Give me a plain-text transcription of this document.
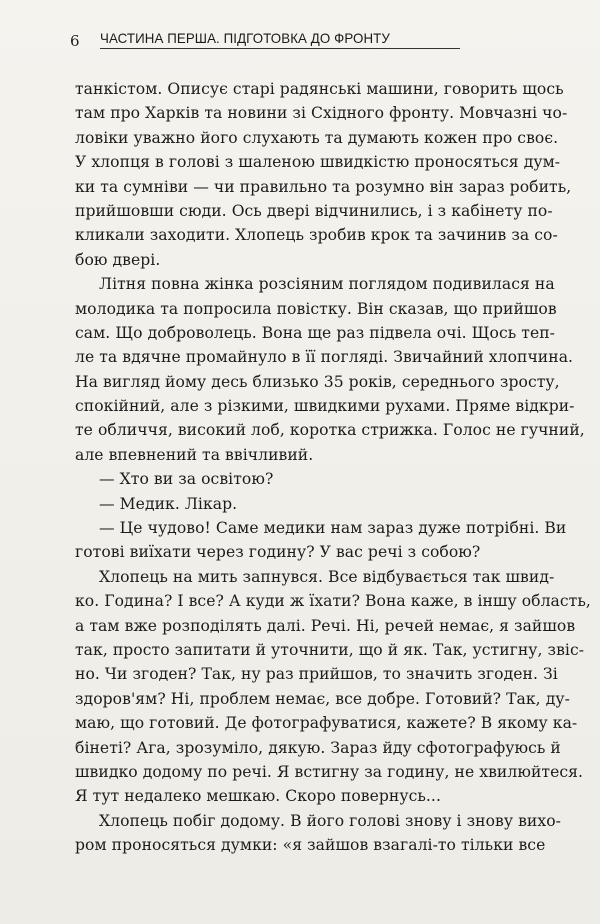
6 ЧАСТИНА ПЕРША. ПІДГОТОВКА ДО ФРОНТУ
танкістом. Описує старі радянські машини, говорить щось
там про Харків та новини зі Східного фронту. Мовчазні чо-
ловіки уважно його слухають та думають кожен про своє.
У хлопця в голові з шаленою швидкістю проносяться дум-
ки та сумніви — чи правильно та розумно він зараз робить,
прийшовши сюди. Ось двері відчинились, і з кабінету по-
кликали заходити. Хлопець зробив крок та зачинив за со-
бою двері.
Літня повна жінка розсіяним поглядом подивилася на
молодика та попросила повістку. Він сказав, що прийшов
сам. Що доброволець. Вона ще раз підвела очі. Щось теп-
ле та вдячне промайнуло в її погляді. Звичайний хлопчина.
На вигляд йому десь близько 35 років, середнього зросту,
спокійний, але з різкими, швидкими рухами. Пряме відкри-
те обличчя, високий лоб, коротка стрижка. Голос не гучний,
але впевнений та ввічливий.
— Хто ви за освітою?
— Медик. Лікар.
— Це чудово! Саме медики нам зараз дуже потрібні. Ви
готові виїхати через годину? У вас речі з собою?
Хлопець на мить запнувся. Все відбувається так швид-
ко. Година? І все? А куди ж їхати? Вона каже, в іншу область,
а там вже розподілять далі. Речі. Ні, речей немає, я зайшов
так, просто запитати й уточнити, що й як. Так, устигну, звіс-
но. Чи згоден? Так, ну раз прийшов, то значить згоден. Зі
здоров'ям? Ні, проблем немає, все добре. Готовий? Так, ду-
маю, що готовий. Де фотографуватися, кажете? В якому ка-
бінеті? Ага, зрозуміло, дякую. Зараз йду сфотографуюсь й
швидко додому по речі. Я встигну за годину, не хвилюйтеся.
Я тут недалеко мешкаю. Скоро повернусь...
Хлопець побіг додому. В його голові знову і знову вихо-
ром проносяться думки: «я зайшов взагалі-то тільки все
